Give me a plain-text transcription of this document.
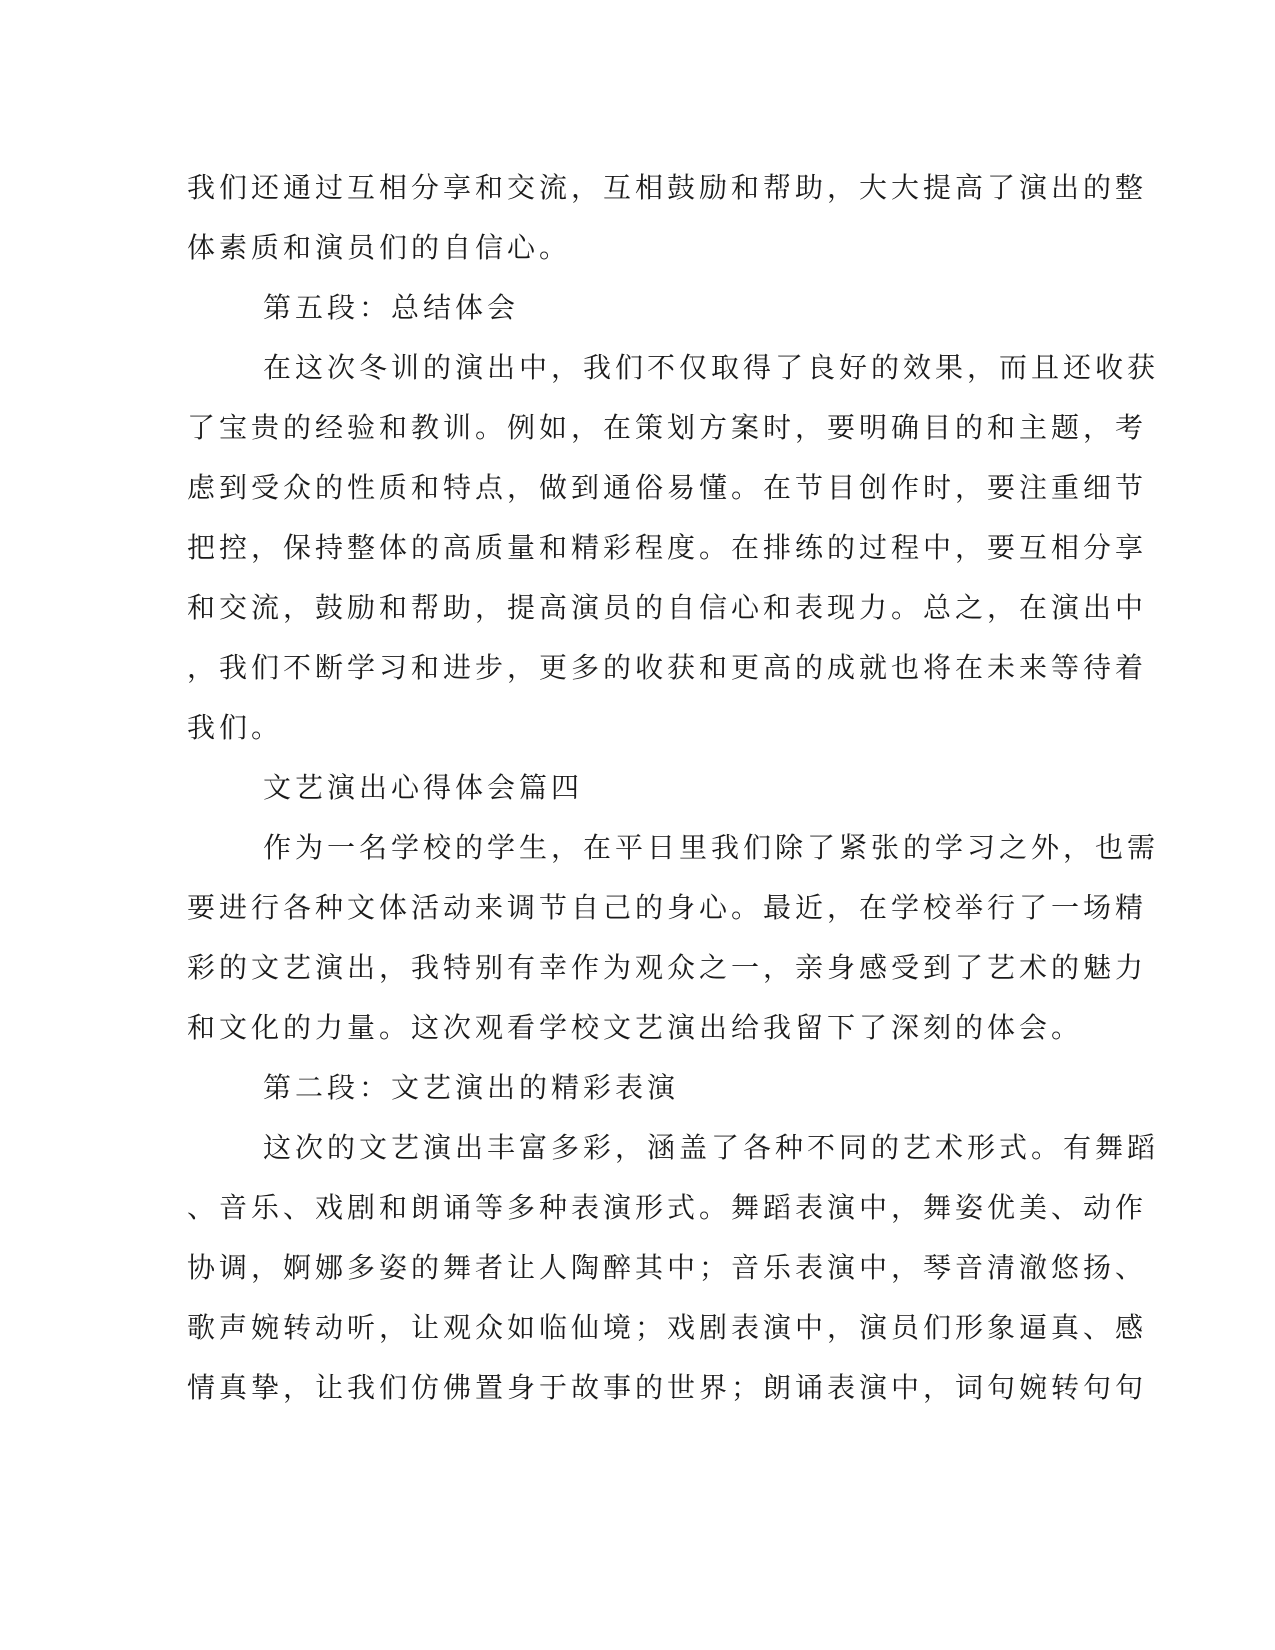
我们还通过互相分享和交流，互相鼓励和帮助，大大提高了演出的整
体素质和演员们的自信心。
第五段：总结体会
在这次冬训的演出中，我们不仅取得了良好的效果，而且还收获
了宝贵的经验和教训。例如，在策划方案时，要明确目的和主题，考
虑到受众的性质和特点，做到通俗易懂。在节目创作时，要注重细节
把控，保持整体的高质量和精彩程度。在排练的过程中，要互相分享
和交流，鼓励和帮助，提高演员的自信心和表现力。总之，在演出中
，我们不断学习和进步，更多的收获和更高的成就也将在未来等待着
我们。
文艺演出心得体会篇四
作为一名学校的学生，在平日里我们除了紧张的学习之外，也需
要进行各种文体活动来调节自己的身心。最近，在学校举行了一场精
彩的文艺演出，我特别有幸作为观众之一，亲身感受到了艺术的魅力
和文化的力量。这次观看学校文艺演出给我留下了深刻的体会。
第二段：文艺演出的精彩表演
这次的文艺演出丰富多彩，涵盖了各种不同的艺术形式。有舞蹈
、音乐、戏剧和朗诵等多种表演形式。舞蹈表演中，舞姿优美、动作
协调，婀娜多姿的舞者让人陶醉其中；音乐表演中，琴音清澈悠扬、
歌声婉转动听，让观众如临仙境；戏剧表演中，演员们形象逼真、感
情真挚，让我们仿佛置身于故事的世界；朗诵表演中，词句婉转句句
